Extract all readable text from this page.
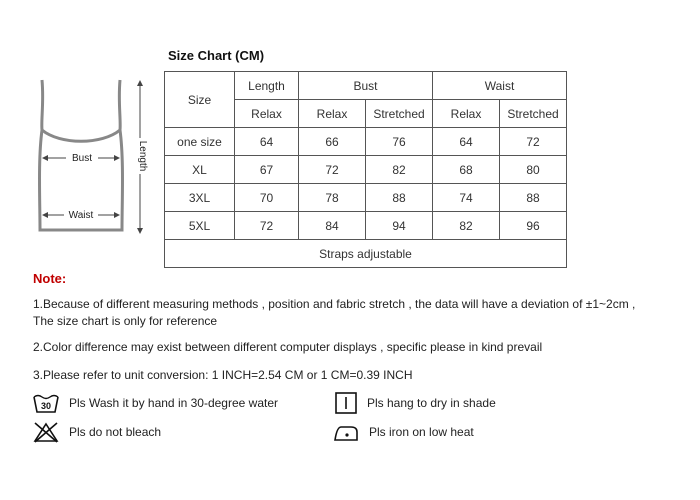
Bust
Waist
Length
Size Chart (CM)
Size	Length	Bust		Waist	
	Relax	Relax	Stretched	Relax	Stretched
one size	64	66	76	64	72
XL	67	72	82	68	80
3XL	70	78	88	74	88
5XL	72	84	94	82	96
Straps adjustable					
Note:
1.Because of different measuring methods , position and fabric stretch , the data will have a deviation of ±1~2cm ,
The size chart is only for reference
2.Color difference may exist between different computer displays , specific please in kind prevail
3.Please refer to unit conversion: 1 INCH=2.54 CM or 1 CM=0.39 INCH
30 Pls Wash it by hand in 30-degree water	Pls hang to dry in shade
Pls do not bleach	Pls iron on low heat
